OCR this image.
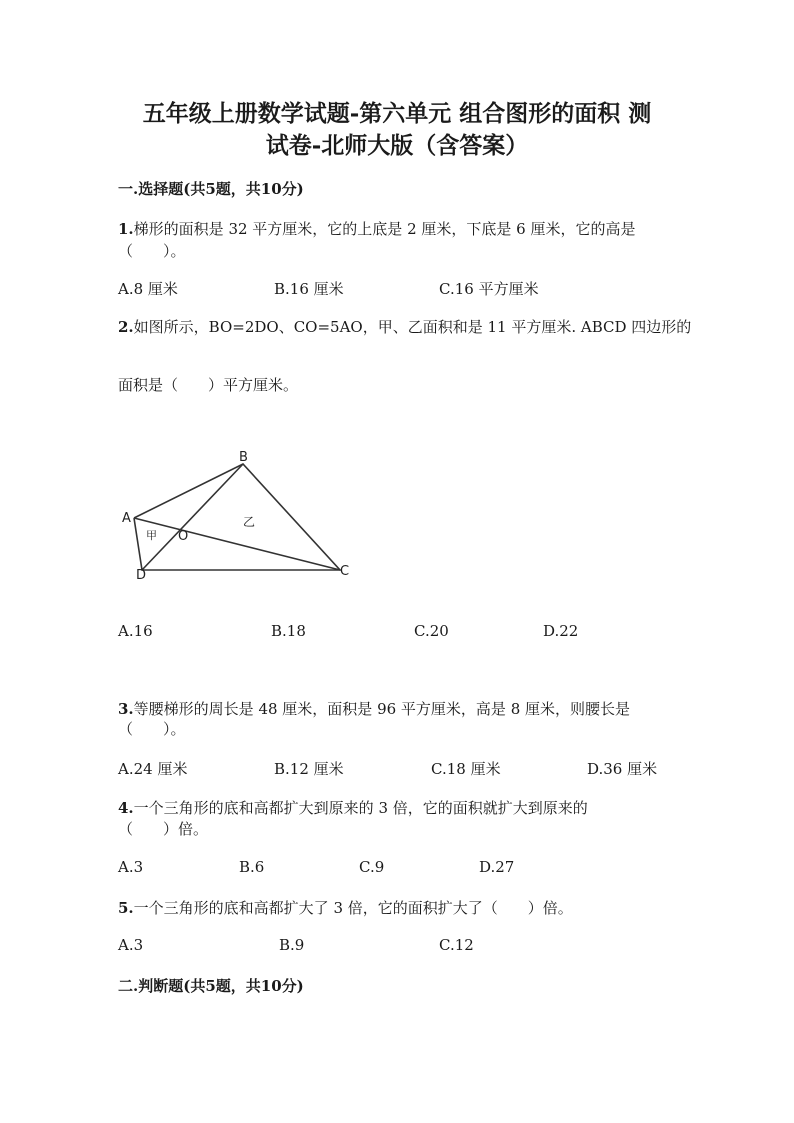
五年级上册数学试题-第六单元 组合图形的面积 测
试卷-北师大版（含答案）
一.选择题(共5题，共10分)
1.梯形的面积是 32 平方厘米，它的上底是 2 厘米，下底是 6 厘米，它的高是
（　　）。
A.8 厘米	B.16 厘米	C.16 平方厘米
2.如图所示，BO=2DO、CO=5AO，甲、乙面积和是 11 平方厘米. ABCD 四边形的
面积是（　　）平方厘米。
A
B
C
D
O
甲
乙
A.16	B.18	C.20	D.22
3.等腰梯形的周长是 48 厘米，面积是 96 平方厘米，高是 8 厘米，则腰长是
（　　）。
A.24 厘米	B.12 厘米	C.18 厘米	D.36 厘米
4.一个三角形的底和高都扩大到原来的 3 倍，它的面积就扩大到原来的
（　　）倍。
A.3	B.6	C.9	D.27
5.一个三角形的底和高都扩大了 3 倍，它的面积扩大了（　　）倍。
A.3	B.9	C.12
二.判断题(共5题，共10分)
